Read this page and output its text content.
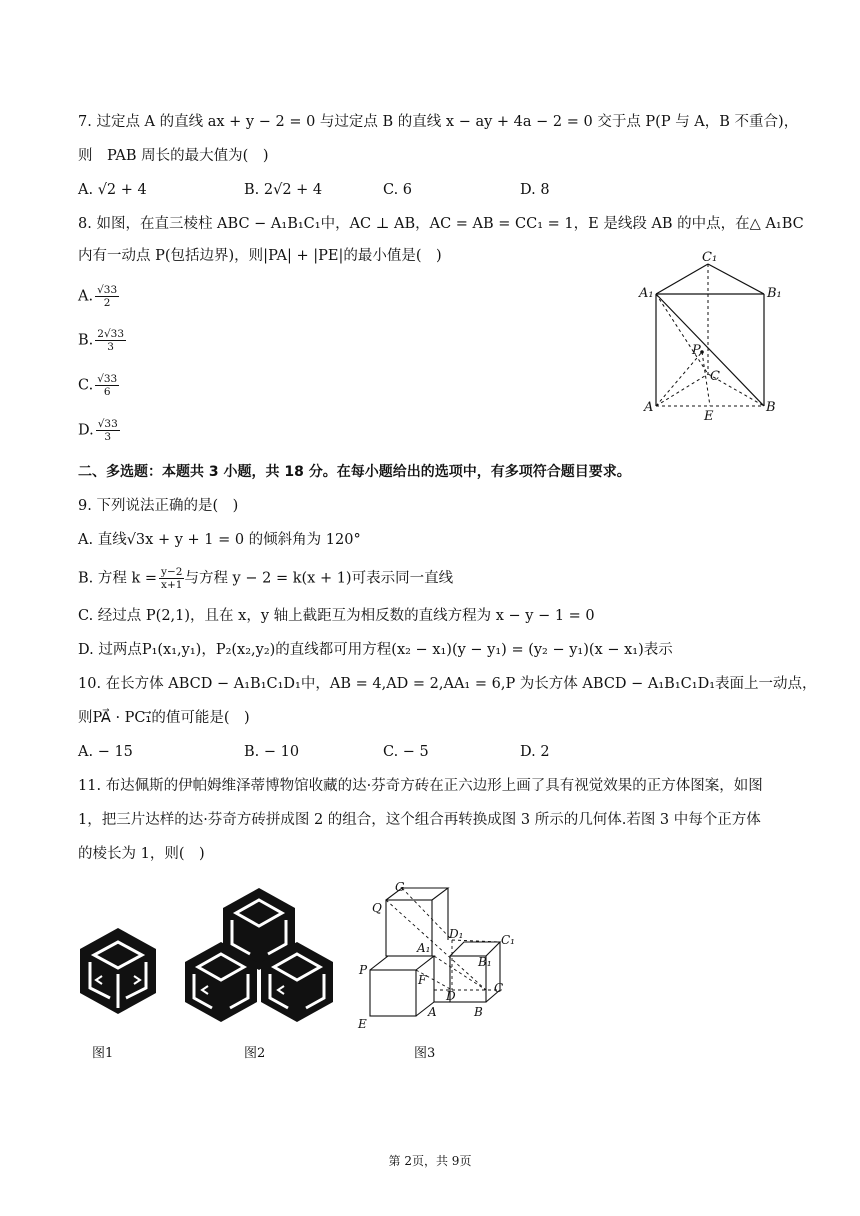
7. 过定点 A 的直线 ax + y − 2 = 0 与过定点 B 的直线 x − ay + 4a − 2 = 0 交于点 P(P 与 A，B 不重合)，
则　PAB 周长的最大值为(　)
A. √2 + 4	B. 2√2 + 4	C. 6	D. 8
8. 如图，在直三棱柱 ABC − A₁B₁C₁中，AC ⊥ AB，AC = AB = CC₁ = 1，E 是线段 AB 的中点，在△ A₁BC
内有一动点 P(包括边界)，则|PA| + |PE|的最小值是(　)
A. $\frac{√33}{2}$
B. $\frac{2√33}{3}$
C. $\frac{√33}{6}$
D. $\frac{√33}{3}$
C₁
A₁	B₁
P
C
A	B
E
二、多选题：本题共 3 小题，共 18 分。在每小题给出的选项中，有多项符合题目要求。
9. 下列说法正确的是(　)
A. 直线√3x + y + 1 = 0 的倾斜角为 120°
B. 方程 $k = \frac{y-2}{x+1}$ 与方程 y − 2 = k(x + 1)可表示同一直线
C. 经过点 P(2,1)，且在 x，y 轴上截距互为相反数的直线方程为 x − y − 1 = 0
D. 过两点P₁(x₁,y₁)，P₂(x₂,y₂)的直线都可用方程(x₂ − x₁)(y − y₁) = (y₂ − y₁)(x − x₁)表示
10. 在长方体 ABCD − A₁B₁C₁D₁中，AB = 4,AD = 2,AA₁ = 6,P 为长方体 ABCD − A₁B₁C₁D₁表面上一动点，
则PA⃗ · PC₁⃗的值可能是(　)
A. − 15	B. − 10	C. − 5	D. 2
11. 布达佩斯的伊帕姆维泽蒂博物馆收藏的达·芬奇方砖在正六边形上画了具有视觉效果的正方体图案，如图
1，把三片达样的达·芬奇方砖拼成图 2 的组合，这个组合再转换成图 3 所示的几何体.若图 3 中每个正方体
的棱长为 1，则(　)
图1	图2
G
Q
D₁	C₁
A₁
B₁
P
F
D
C
E
A	B
图3
第 2页，共 9页
